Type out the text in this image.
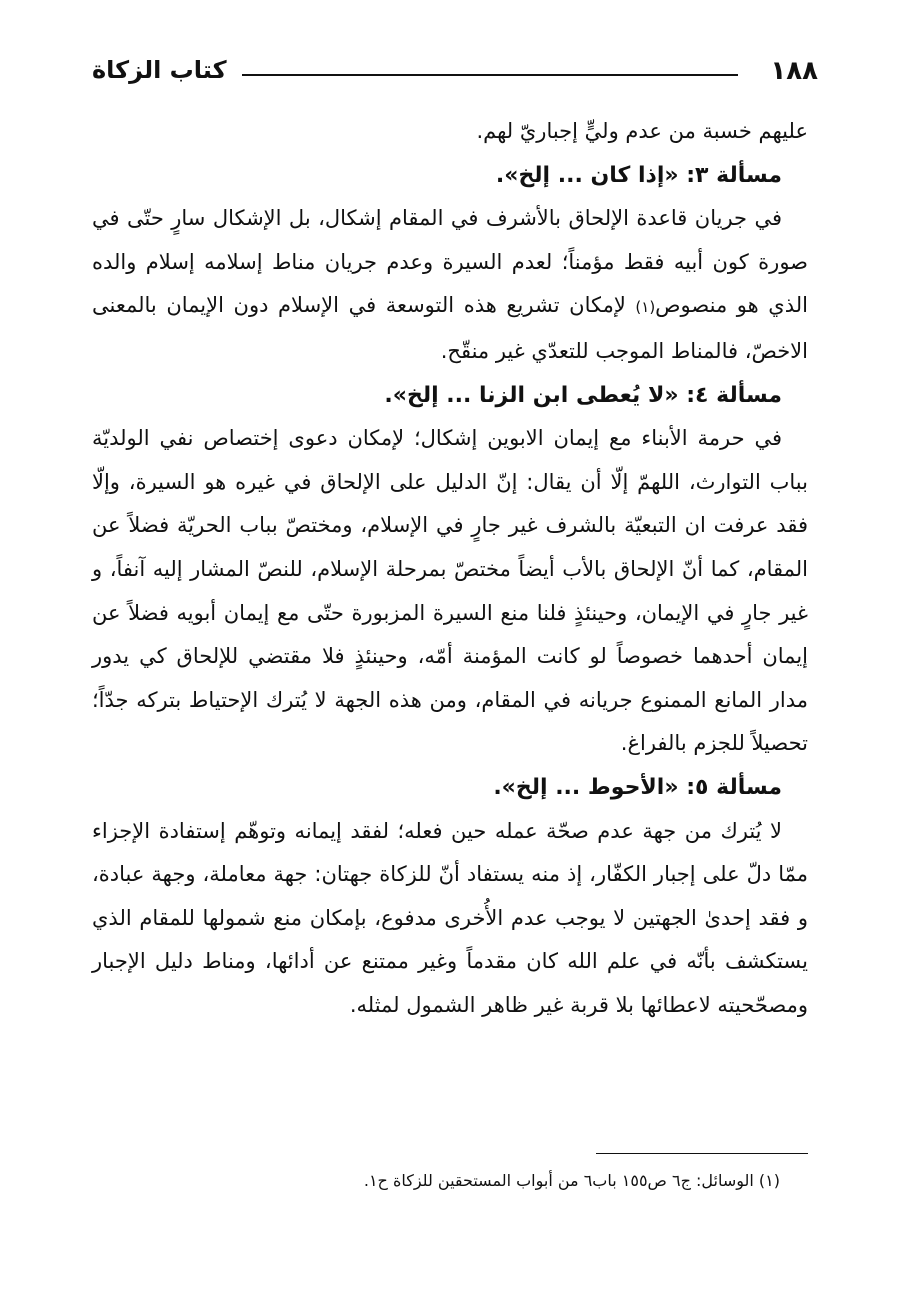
١٨٨
كتاب الزكاة

عليهم خسبة من عدم وليٍّ إجباريّ لهم.

مسألة ٣: «إذا كان ... إلخ».

في جريان قاعدة الإلحاق بالأشرف في المقام إشكال، بل الإشكال سارٍ حتّى في صورة كون أبيه فقط مؤمناً؛ لعدم السيرة وعدم جريان مناط إسلامه إسلام والده الذي هو منصوص(١) لإمكان تشريع هذه التوسعة في الإسلام دون الإيمان بالمعنى الاخصّ، فالمناط الموجب للتعدّي غير منقّح.

مسألة ٤: «لا يُعطى ابن الزنا ... إلخ».

في حرمة الأبناء مع إيمان الابوين إشكال؛ لإمكان دعوى إختصاص نفي الولديّة بباب التوارث، اللهمّ إلّا أن يقال: إنّ الدليل على الإلحاق في غيره هو السيرة، وإلّا فقد عرفت ان التبعيّة بالشرف غير جارٍ في الإسلام، ومختصّ بباب الحريّة فضلاً عن المقام، كما أنّ الإلحاق بالأب أيضاً مختصّ بمرحلة الإسلام، للنصّ المشار إليه آنفاً، و غير جارٍ في الإيمان، وحينئذٍ فلنا منع السيرة المزبورة حتّى مع إيمان أبويه فضلاً عن إيمان أحدهما خصوصاً لو كانت المؤمنة أمّه، وحينئذٍ فلا مقتضي للإلحاق كي يدور مدار المانع الممنوع جريانه في المقام، ومن هذه الجهة لا يُترك الإحتياط بتركه جدّاً؛ تحصيلاً للجزم بالفراغ.

مسألة ٥: «الأحوط ... إلخ».

لا يُترك من جهة عدم صحّة عمله حين فعله؛ لفقد إيمانه وتوهّم إستفادة الإجزاء ممّا دلّ على إجبار الكفّار، إذ منه يستفاد أنّ للزكاة جهتان: جهة معاملة، وجهة عبادة، و فقد إحدىٰ الجهتين لا يوجب عدم الأُخرى مدفوع، بإمكان منع شمولها للمقام الذي يستكشف بأنّه في علم الله كان مقدماً وغير ممتنع عن أدائها، ومناط دليل الإجبار ومصحّحيته لاعطائها بلا قربة غير ظاهر الشمول لمثله.

(١) الوسائل: ج٦ ص١٥٥ باب٦ من أبواب المستحقين للزكاة ح١.
